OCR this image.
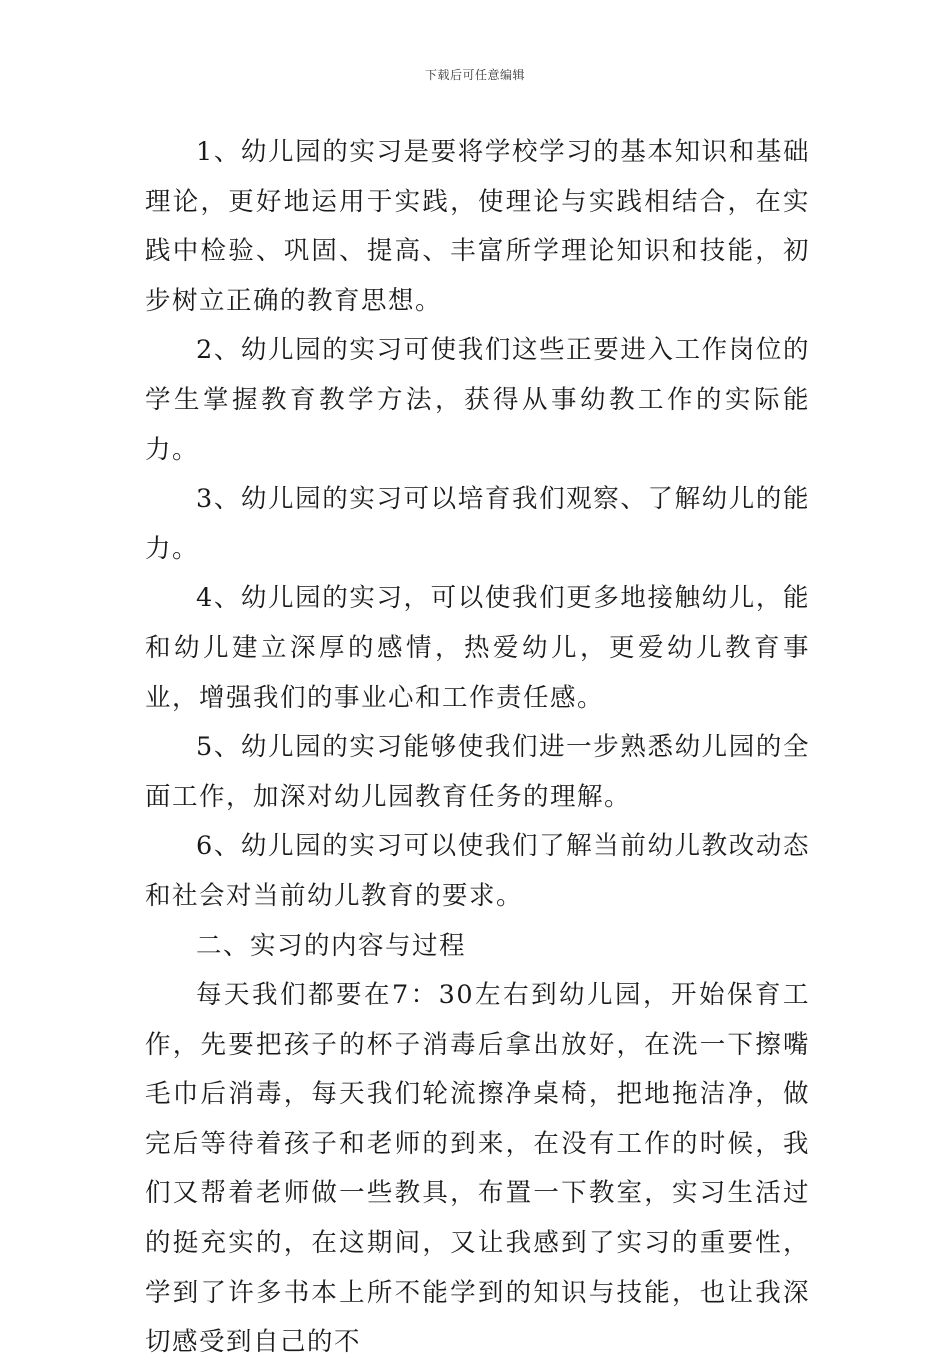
下载后可任意编辑

1、幼儿园的实习是要将学校学习的基本知识和基础理论，更好地运用于实践，使理论与实践相结合，在实践中检验、巩固、提高、丰富所学理论知识和技能，初步树立正确的教育思想。

2、幼儿园的实习可使我们这些正要进入工作岗位的学生掌握教育教学方法，获得从事幼教工作的实际能力。

3、幼儿园的实习可以培育我们观察、了解幼儿的能力。

4、幼儿园的实习，可以使我们更多地接触幼儿，能和幼儿建立深厚的感情，热爱幼儿，更爱幼儿教育事业，增强我们的事业心和工作责任感。

5、幼儿园的实习能够使我们进一步熟悉幼儿园的全面工作，加深对幼儿园教育任务的理解。

6、幼儿园的实习可以使我们了解当前幼儿教改动态和社会对当前幼儿教育的要求。

二、实习的内容与过程

每天我们都要在7：30左右到幼儿园，开始保育工作，先要把孩子的杯子消毒后拿出放好，在洗一下擦嘴毛巾后消毒，每天我们轮流擦净桌椅，把地拖洁净，做完后等待着孩子和老师的到来，在没有工作的时候，我们又帮着老师做一些教具，布置一下教室，实习生活过的挺充实的，在这期间，又让我感到了实习的重要性，学到了许多书本上所不能学到的知识与技能，也让我深切感受到自己的不
